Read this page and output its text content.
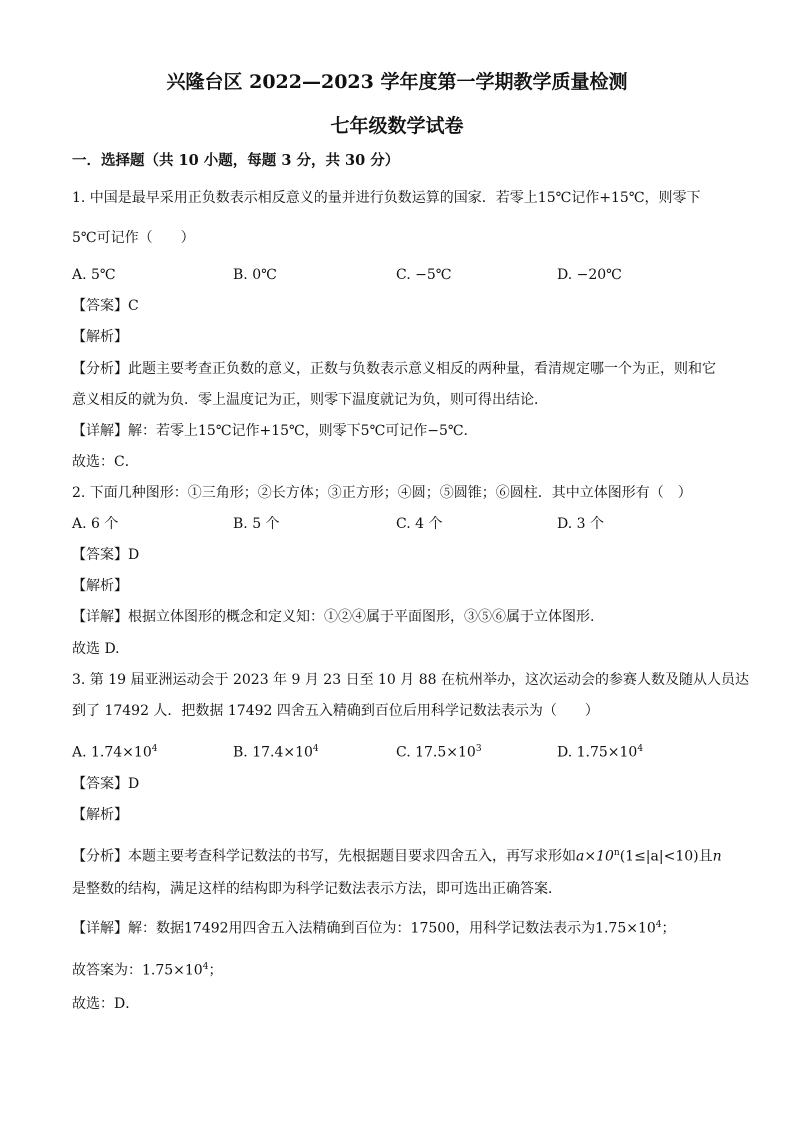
兴隆台区 2022—2023 学年度第一学期教学质量检测
七年级数学试卷
一．选择题（共 10 小题，每题 3 分，共 30 分）
1. 中国是最早采用正负数表示相反意义的量并进行负数运算的国家．若零上15℃记作+15℃，则零下
5℃可记作（　　）
A. 5℃	B. 0℃	C. −5℃	D. −20℃
【答案】C
【解析】
【分析】此题主要考查正负数的意义，正数与负数表示意义相反的两种量，看清规定哪一个为正，则和它
意义相反的就为负．零上温度记为正，则零下温度就记为负，则可得出结论．
【详解】解：若零上15℃记作+15℃，则零下5℃可记作−5℃．
故选：C．
2. 下面几种图形：①三角形；②长方体；③正方形；④圆；⑤圆锥；⑥圆柱．其中立体图形有（　）
A. 6 个	B. 5 个	C. 4 个	D. 3 个
【答案】D
【解析】
【详解】根据立体图形的概念和定义知：①②④属于平面图形，③⑤⑥属于立体图形.
故选 D.
3. 第 19 届亚洲运动会于 2023 年 9 月 23 日至 10 月 88 在杭州举办，这次运动会的参赛人数及随从人员达
到了 17492 人．把数据 17492 四舍五入精确到百位后用科学记数法表示为（　　）
A. $1.74\times 10^4$	B. $17.4\times 10^4$	C. $17.5\times 10^3$	D. $1.75\times 10^4$
【答案】D
【解析】
【分析】本题主要考查科学记数法的书写，先根据题目要求四舍五入，再写求形如$a\times 10^n(1\le|a|<10)$且n
是整数的结构，满足这样的结构即为科学记数法表示方法，即可选出正确答案．
【详解】解：数据17492用四舍五入法精确到百位为：17500，用科学记数法表示为$1.75\times 10^4$；
故答案为：$1.75\times 10^4$；
故选：D．
